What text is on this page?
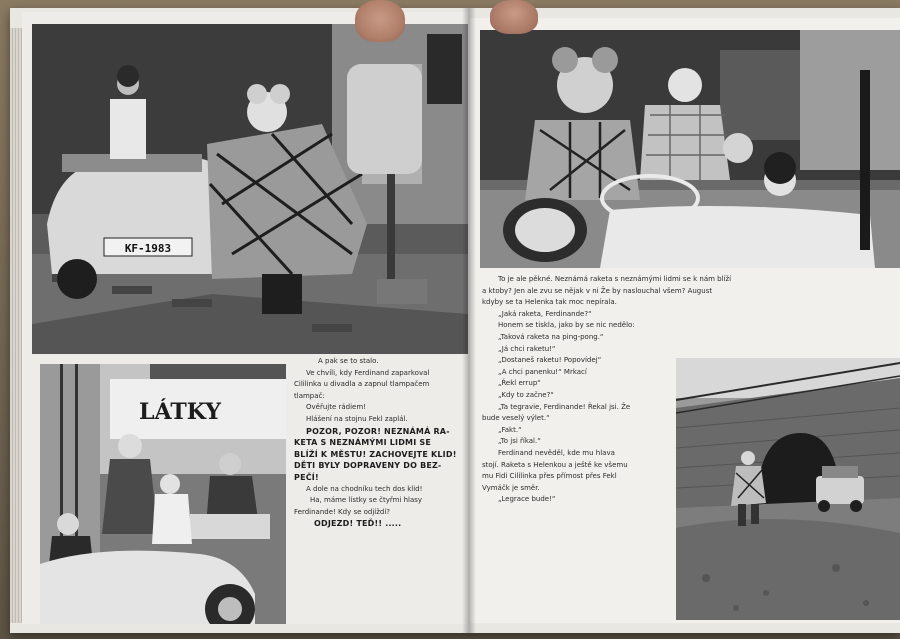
KF-1983
LÁTKY

A pak se to stalo.

Ve chvíli, kdy Ferdinand zaparkoval

Cililinka u divadla a zapnul tlampačem

tlampač:

Ověřujte rádiem!

Hlášení na stojnu Fekl zaplál.

POZOR, POZOR! NEZNÁMÁ RA-

KETA S NEZNÁMÝMI LIDMI SE

BLÍŽÍ K MĚSTU! ZACHOVEJTE KLID!

DĚTI BYLY DOPRAVENY DO BEZ-

PEČÍ!

A dole na chodníku tech dos klid!

Ha, máme lístky se čtyřmi hlasy

Ferdinande! Kdy se odjíždí?

ODJEZD! TEĎ!! .....

To je ale pěkné. Neznámá raketa s neznámými lidmi se k nám blíží

a ktoby? Jen ale zvu se nějak v ni Že by naslouchal všem? August

kdyby se ta Helenka tak moc nepírala.

„Jaká raketa, Ferdinande?“

Honem se tiskla, jako by se nic nedělo:

„Taková raketa na ping-pong.“

„Já chci raketu!“

„Dostaneš raketu! Popovídej“

„A chci panenku!“ Mrkací

„Řekl errup“

„Kdy to začne?“

„Ta tegravie, Ferdinande! Řekal jsi. Že

bude veselý výlet.“

„Fakt.“

„To jsi říkal.“

Ferdinand nevěděl, kde mu hlava

stojí. Raketa s Helenkou a ještě ke všemu

mu Fidi Cililinka přes přímost přes Fekl

Vymáčk je směr.

„Legrace bude!“
